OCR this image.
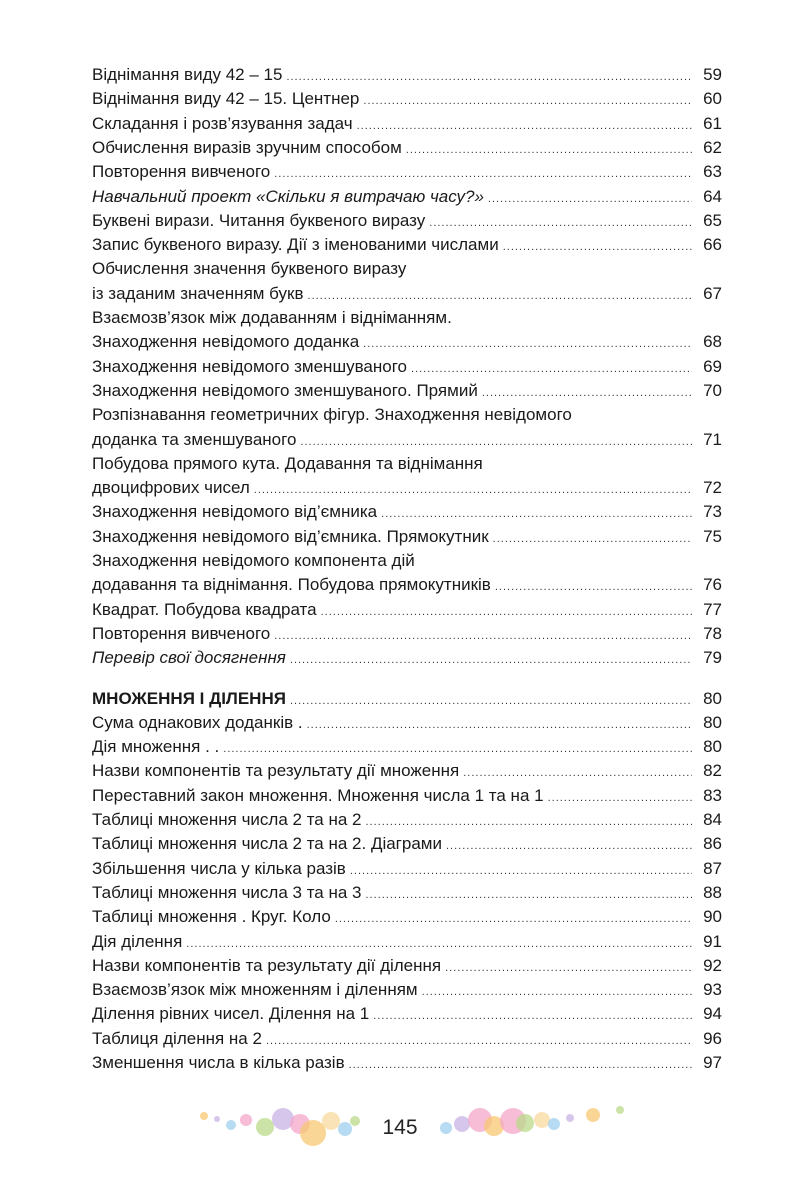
Віднімання виду 42 – 15 .....	59
Віднімання виду 42 – 15. Центнер .....	60
Складання і розв’язування задач .....	61
Обчислення виразів зручним способом .....	62
Повторення вивченого .....	63
Навчальний проект «Скільки я витрачаю часу?» .....	64
Буквені вирази. Читання буквеного виразу .....	65
Запис буквеного виразу. Дії з іменованими числами .....	66
Обчислення значення буквеного виразу
із заданим значенням букв .....	67
Взаємозв’язок між додаванням і відніманням.
Знаходження невідомого доданка .....	68
Знаходження невідомого зменшуваного .....	69
Знаходження невідомого зменшуваного. Прямий .....	70
Розпізнавання геометричних фігур. Знаходження невідомого
доданка та зменшуваного .....	71
Побудова прямого кута. Додавання та віднімання
двоцифрових чисел .....	72
Знаходження невідомого від’ємника .....	73
Знаходження невідомого від’ємника. Прямокутник .....	75
Знаходження невідомого компонента дій
додавання та віднімання. Побудова прямокутників .....	76
Квадрат. Побудова квадрата .....	77
Повторення вивченого .....	78
Перевір свої досягнення .....	79
МНОЖЕННЯ І ДІЛЕННЯ .....	80
Сума однакових доданків . .....	80
Дія множення . . .....	80
Назви компонентів та результату дії множення .....	82
Переставний закон множення. Множення числа 1 та на 1 .....	83
Таблиці множення числа 2 та на 2 .....	84
Таблиці множення числа 2 та на 2. Діаграми .....	86
Збільшення числа у кілька разів .....	87
Таблиці множення числа 3 та на 3 .....	88
Таблиці множення . Круг. Коло .....	90
Дія ділення .....	91
Назви компонентів та результату дії ділення .....	92
Взаємозв’язок між множенням і діленням .....	93
Ділення рівних чисел. Ділення на 1 .....	94
Таблиця ділення на 2 .....	96
Зменшення числа в кілька разів .....	97
145
